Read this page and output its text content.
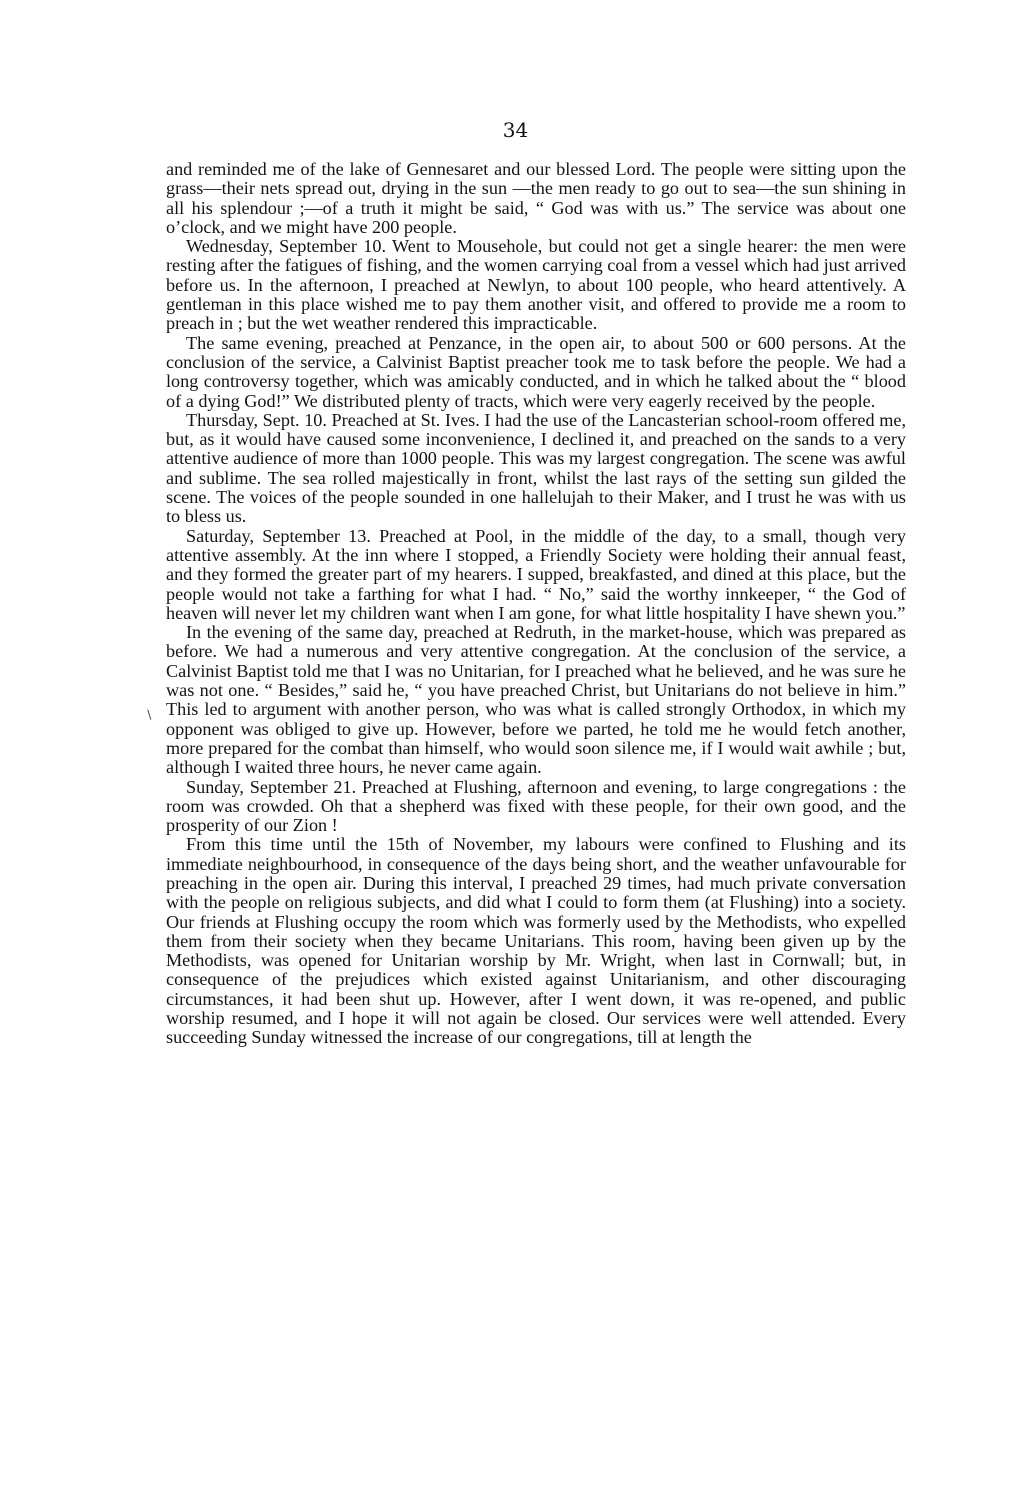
34
∖

and reminded me of the lake of Gennesaret and our blessed Lord. The people were sitting upon the grass—their nets spread out, drying in the sun —the men ready to go out to sea—the sun shining in all his splendour ;—of a truth it might be said, “ God was with us.” The service was about one o’clock, and we might have 200 people.

Wednesday, September 10. Went to Mousehole, but could not get a single hearer: the men were resting after the fatigues of fishing, and the women carrying coal from a vessel which had just arrived before us. In the afternoon, I preached at Newlyn, to about 100 people, who heard attentively. A gentleman in this place wished me to pay them another visit, and offered to provide me a room to preach in ; but the wet weather rendered this impracticable.

The same evening, preached at Penzance, in the open air, to about 500 or 600 persons. At the conclusion of the service, a Calvinist Baptist preacher took me to task before the people. We had a long controversy together, which was amicably conducted, and in which he talked about the “ blood of a dying God!” We distributed plenty of tracts, which were very eagerly received by the people.

Thursday, Sept. 10. Preached at St. Ives. I had the use of the Lancasterian school-room offered me, but, as it would have caused some inconvenience, I declined it, and preached on the sands to a very attentive audience of more than 1000 people. This was my largest congregation. The scene was awful and sublime. The sea rolled majestically in front, whilst the last rays of the setting sun gilded the scene. The voices of the people sounded in one hallelujah to their Maker, and I trust he was with us to bless us.

Saturday, September 13. Preached at Pool, in the middle of the day, to a small, though very attentive assembly. At the inn where I stopped, a Friendly Society were holding their annual feast, and they formed the greater part of my hearers. I supped, breakfasted, and dined at this place, but the people would not take a farthing for what I had. “ No,” said the worthy innkeeper, “ the God of heaven will never let my children want when I am gone, for what little hospitality I have shewn you.”

In the evening of the same day, preached at Redruth, in the market-house, which was prepared as before. We had a numerous and very attentive congregation. At the conclusion of the service, a Calvinist Baptist told me that I was no Unitarian, for I preached what he believed, and he was sure he was not one. “ Besides,” said he, “ you have preached Christ, but Unitarians do not believe in him.” This led to argument with another person, who was what is called strongly Orthodox, in which my opponent was obliged to give up. However, before we parted, he told me he would fetch another, more prepared for the combat than himself, who would soon silence me, if I would wait awhile ; but, although I waited three hours, he never came again.

Sunday, September 21. Preached at Flushing, afternoon and evening, to large congregations : the room was crowded. Oh that a shepherd was fixed with these people, for their own good, and the prosperity of our Zion !

From this time until the 15th of November, my labours were confined to Flushing and its immediate neighbourhood, in consequence of the days being short, and the weather unfavourable for preaching in the open air. During this interval, I preached 29 times, had much private conversation with the people on religious subjects, and did what I could to form them (at Flushing) into a society. Our friends at Flushing occupy the room which was formerly used by the Methodists, who expelled them from their society when they became Unitarians. This room, having been given up by the Methodists, was opened for Unitarian worship by Mr. Wright, when last in Cornwall; but, in consequence of the prejudices which existed against Unitarianism, and other discouraging circumstances, it had been shut up. However, after I went down, it was re-opened, and public worship resumed, and I hope it will not again be closed. Our services were well attended. Every succeeding Sunday witnessed the increase of our congregations, till at length the
